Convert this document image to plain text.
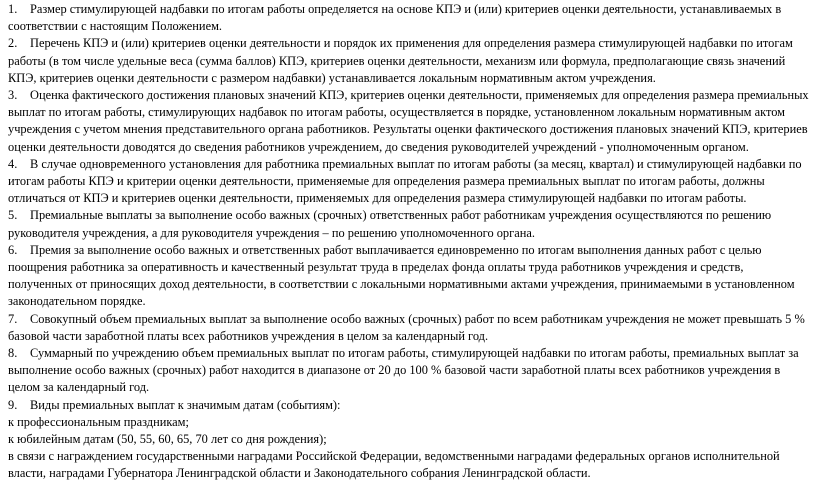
1. Размер стимулирующей надбавки по итогам работы определяется на основе КПЭ и (или) критериев оценки деятельности, устанавливаемых в соответствии с настоящим Положением.

2. Перечень КПЭ и (или) критериев оценки деятельности и порядок их применения для определения размера стимулирующей надбавки по итогам работы (в том числе удельные веса (сумма баллов) КПЭ, критериев оценки деятельности, механизм или формула, предполагающие связь значений КПЭ, критериев оценки деятельности с размером надбавки) устанавливается локальным нормативным актом учреждения.

3. Оценка фактического достижения плановых значений КПЭ, критериев оценки деятельности, применяемых для определения размера премиальных выплат по итогам работы, стимулирующих надбавок по итогам работы, осуществляется в порядке, установленном локальным нормативным актом учреждения с учетом мнения представительного органа работников. Результаты оценки фактического достижения плановых значений КПЭ, критериев оценки деятельности доводятся до сведения работников учреждением, до сведения руководителей учреждений - уполномоченным органом.

4. В случае одновременного установления для работника премиальных выплат по итогам работы (за месяц, квартал) и стимулирующей надбавки по итогам работы КПЭ и критерии оценки деятельности, применяемые для определения размера премиальных выплат по итогам работы, должны отличаться от КПЭ и критериев оценки деятельности, применяемых для определения размера стимулирующей надбавки по итогам работы.

5. Премиальные выплаты за выполнение особо важных (срочных) ответственных работ работникам учреждения осуществляются по решению руководителя учреждения, а для руководителя учреждения – по решению уполномоченного органа.

6. Премия за выполнение особо важных и ответственных работ выплачивается единовременно по итогам выполнения данных работ с целью поощрения работника за оперативность и качественный результат труда в пределах фонда оплаты труда работников учреждения и средств, полученных от приносящих доход деятельности, в соответствии с локальными нормативными актами учреждения, принимаемыми в установленном законодательном порядке.

7. Совокупный объем премиальных выплат за выполнение особо важных (срочных) работ по всем работникам учреждения не может превышать 5 % базовой части заработной платы всех работников учреждения в целом за календарный год.

8. Суммарный по учреждению объем премиальных выплат по итогам работы, стимулирующей надбавки по итогам работы, премиальных выплат за выполнение особо важных (срочных) работ находится в диапазоне от 20 до 100 % базовой части заработной платы всех работников учреждения в целом за календарный год.

9. Виды премиальных выплат к значимым датам (событиям):

к профессиональным праздникам;

к юбилейным датам (50, 55, 60, 65, 70 лет со дня рождения);

в связи с награждением государственными наградами Российской Федерации, ведомственными наградами федеральных органов исполнительной власти, наградами Губернатора Ленинградской области и Законодательного собрания Ленинградской области.
